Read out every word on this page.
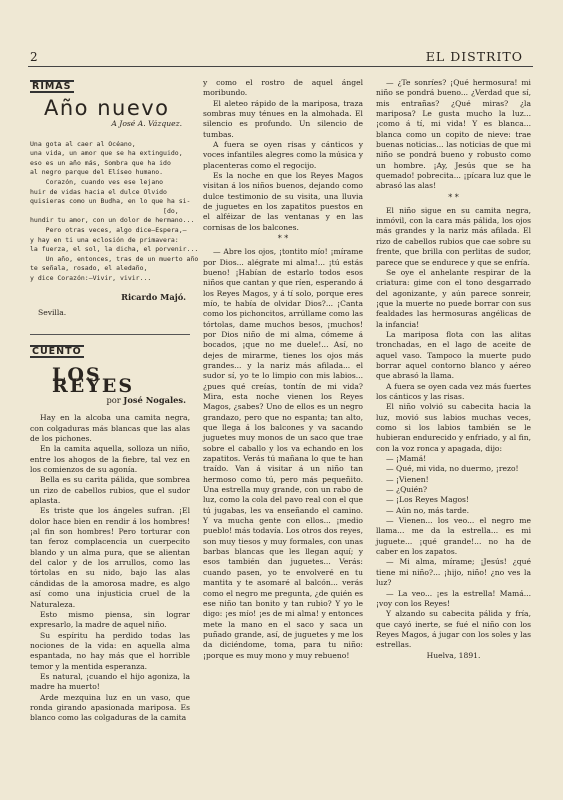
2	EL DISTRITO
RIMAS
Año nuevo
A José A. Vázquez.
Una gota al caer al Océano,
una vida, un amor que se ha extinguido,
eso es un año más, Sombra que ha ido
al negro parque del Elíseo humano.
Corazón, cuando ves ese lejano
huir de vidas hacia el dulce Olvido
quisieras como un Budha, en lo que ha si-
[do,
hundir tu amor, con un dolor de hermano...
Pero otras veces, algo dice—Espera,—
y hay en ti una eclosión de primavera:
la fuerza, el sol, la dicha, el porvenir...
Un año, entonces, tras de un muerto año
te señala, rosado, el aledaño,
y dice Corazón:—Vivir, vivir...
Ricardo Majó.
Sevilla.
CUENTO
LOS REYES
por José Nogales.

Hay en la alcoba una camita negra, con colgaduras más blancas que las alas de los pichones.

En la camita aquella, solloza un niño, entre los ahogos de la fiebre, tal vez en los comienzos de su agonía.

Bella es su carita pálida, que sombrea un rizo de cabellos rubios, que el sudor aplasta.

Es triste que los ángeles sufran. ¡El dolor hace bien en rendir á los hombres! ¡al fin son hombres! Pero torturar con tan feroz complacencia un cuerpecito blando y un alma pura, que se alientan del calor y de los arrullos, como las tórtolas en su nido, bajo las alas cándidas de la amorosa madre, es algo así como una injusticia cruel de la Naturaleza.

Esto mismo piensa, sin lograr expresarlo, la madre de aquel niño.

Su espíritu ha perdido todas las nociones de la vida: en aquella alma espantada, no hay más que el horrible temor y la mentida esperanza.

Es natural, ¡cuando el hijo agoniza, la madre ha muerto!

Arde mezquina luz en un vaso, que ronda girando apasionada mariposa. Es blanco como las colgaduras de la camita

y como el rostro de aquel ángel moribundo.

El aleteo rápido de la mariposa, traza sombras muy ténues en la almohada. El silencio es profundo. Un silencio de tumbas.

A fuera se oyen risas y cánticos y voces infantiles alegres como la música y placenteras como el regocijo.

Es la noche en que los Reyes Magos visitan á los niños buenos, dejando como dulce testimonio de su visita, una lluvia de juguetes en los zapatitos puestos en el alféizar de las ventanas y en las cornisas de los balcones.

* *

— Abre los ojos, ¡tontito mío! ¡mírame por Dios... alégrate mi alma!... ¡tú estás bueno! ¡Habían de estarlo todos esos niños que cantan y que ríen, esperando á los Reyes Magos, y á tí solo, porque eres mío, te había de olvidar Dios?... ¡Canta como los pichoncitos, arrúllame como las tórtolas, dame muchos besos, ¡muchos! por Dios niño de mi alma, cómeme á bocados, ¡que no me duele!... Así, no dejes de mirarme, tienes los ojos más grandes... y la nariz más afilada... el sudor sí, yo te lo limpio con mis labios... ¿pues qué creías, tontín de mi vida? Mira, esta noche vienen los Reyes Magos, ¿sabes? Uno de ellos es un negro grandazo, pero que no espanta; tan alto, que llega á los balcones y va sacando juguetes muy monos de un saco que trae sobre el caballo y los va echando en los zapatitos. Verás tú mañana lo que te han traído. Van á visitar á un niño tan hermoso como tú, pero más pequeñito. Una estrella muy grande, con un rabo de luz, como la cola del pavo real con el que tú jugabas, les va enseñando el camino. Y va mucha gente con ellos... ¡medio pueblo! más todavía. Los otros dos reyes, son muy tiesos y muy formales, con unas barbas blancas que les llegan aquí; y esos también dan juguetes... Verás: cuando pasen, yo te envolveré en tu mantita y te asomaré al balcón... verás como el negro me pregunta, ¿de quién es ese niño tan bonito y tan rubio? Y yo le digo: ¡es mío! ¡es de mi alma! y entonces mete la mano en el saco y saca un puñado grande, así, de juguetes y me los da diciéndome, toma, para tu niño: ¡porque es muy mono y muy rebueno!

— ¿Te sonríes? ¡Qué hermosura! mi niño se pondrá bueno... ¿Verdad que sí, mis entrañas? ¿Qué miras? ¿la mariposa? Le gusta mucho la luz... ¡como á tí, mi vida! Y es blanca... blanca como un copito de nieve: trae buenas noticias... las noticias de que mi niño se pondrá bueno y robusto como un hombre. ¡Ay, Jesús que se ha quemado! pobrecita... ¡pícara luz que le abrasó las alas!

* *

El niño sigue en su camita negra, inmóvil, con la cara más pálida, los ojos más grandes y la nariz más afilada. El rizo de cabellos rubios que cae sobre su frente, que brilla con perlitas de sudor, parece que se endurece y que se enfría.

Se oye el anhelante respirar de la criatura: gime con el tono desgarrado del agonizante, y aún parece sonreir, ¡que la muerte no puede borrar con sus fealdades las hermosuras angélicas de la infancia!

La mariposa flota con las alitas tronchadas, en el lago de aceite de aquel vaso. Tampoco la muerte pudo borrar aquel contorno blanco y aéreo que abrasó la llama.

A fuera se oyen cada vez más fuertes los cánticos y las risas.

El niño volvió su cabecita hacia la luz, movió sus labios muchas veces, como si los labios también se le hubieran endurecido y enfriado, y al fin, con la voz ronca y apagada, dijo:

— ¡Mamá!

— Qué, mi vida, no duermo, ¡rezo!

— ¡Vienen!

— ¿Quién?

— ¡Los Reyes Magos!

— Aún no, más tarde.

— Vienen... los veo... el negro me llama... me da la estrella... es mi juguete... ¡qué grande!... no ha de caber en los zapatos.

— Mi alma, mírame; ¡Jesús! ¿qué tiene mi niño?... ¡hijo, niño! ¿no ves la luz?

— La veo... ¡es la estrella! Mamá... ¡voy con los Reyes!

Y alzando su cabecita pálida y fría, que cayó inerte, se fué el niño con los Reyes Magos, á jugar con los soles y las estrellas.

Huelva, 1891.
